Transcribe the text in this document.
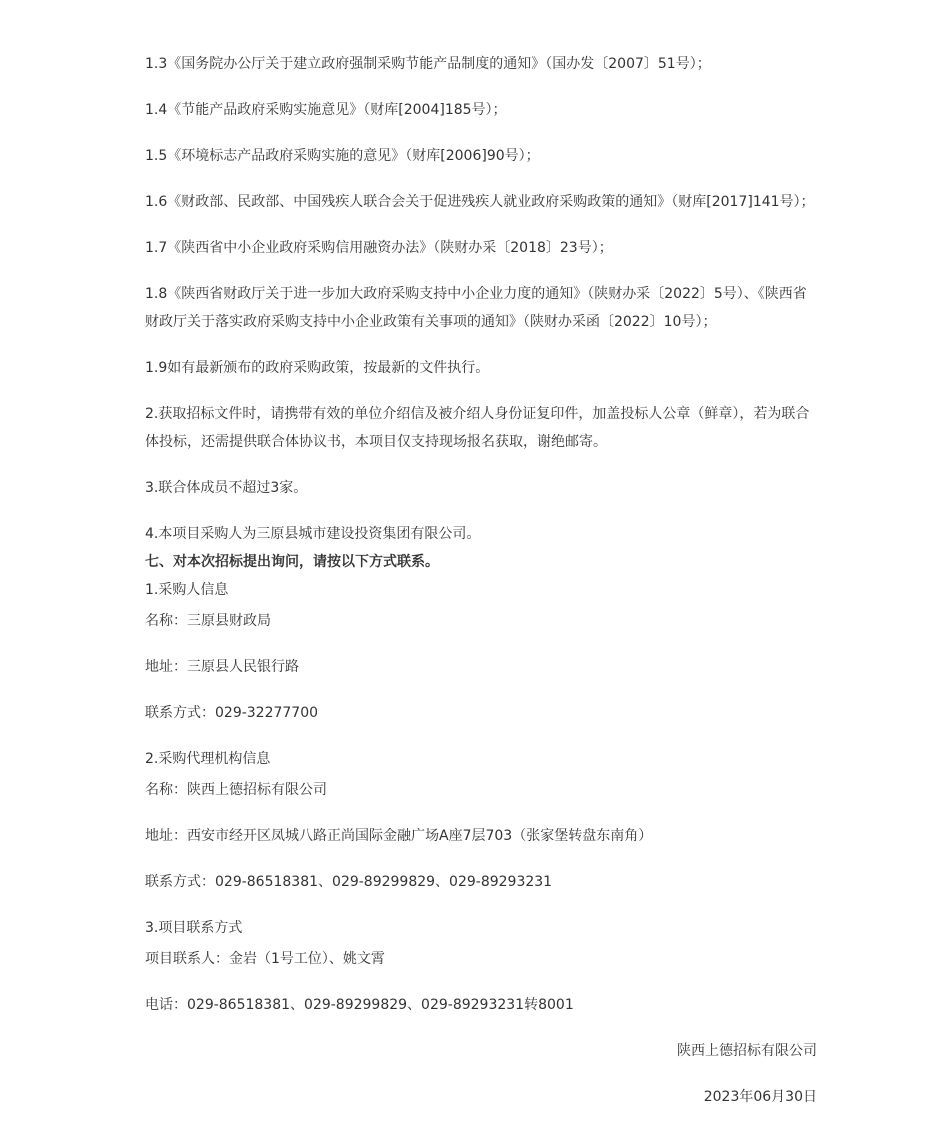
1.3《国务院办公厅关于建立政府强制采购节能产品制度的通知》（国办发〔2007〕51号）；

1.4《节能产品政府采购实施意见》（财库[2004]185号）；

1.5《环境标志产品政府采购实施的意见》（财库[2006]90号）；

1.6《财政部、民政部、中国残疾人联合会关于促进残疾人就业政府采购政策的通知》（财库[2017]141号）；

1.7《陕西省中小企业政府采购信用融资办法》（陕财办采〔2018〕23号）；

1.8《陕西省财政厅关于进一步加大政府采购支持中小企业力度的通知》（陕财办采〔2022〕5号）、《陕西省财政厅关于落实政府采购支持中小企业政策有关事项的通知》（陕财办采函〔2022〕10号）；

1.9如有最新颁布的政府采购政策，按最新的文件执行。

2.获取招标文件时，请携带有效的单位介绍信及被介绍人身份证复印件，加盖投标人公章（鲜章），若为联合体投标，还需提供联合体协议书，本项目仅支持现场报名获取，谢绝邮寄。

3.联合体成员不超过3家。

4.本项目采购人为三原县城市建设投资集团有限公司。

七、对本次招标提出询问，请按以下方式联系。

1.采购人信息

名称：三原县财政局

地址：三原县人民银行路

联系方式：029-32277700

2.采购代理机构信息

名称：陕西上德招标有限公司

地址：西安市经开区凤城八路正尚国际金融广场A座7层703（张家堡转盘东南角）

联系方式：029-86518381、029-89299829、029-89293231

3.项目联系方式

项目联系人：金岩（1号工位）、姚文霄

电话：029-86518381、029-89299829、029-89293231转8001

陕西上德招标有限公司

2023年06月30日
